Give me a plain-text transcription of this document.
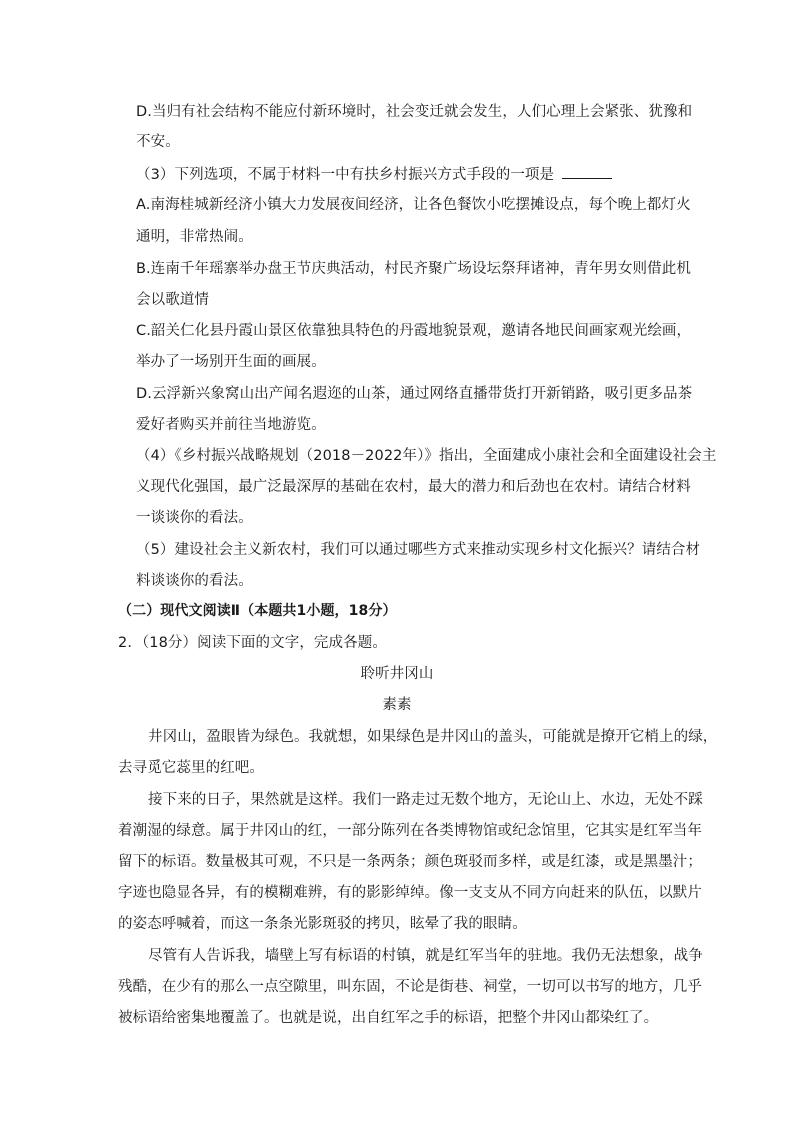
D.当归有社会结构不能应付新环境时，社会变迁就会发生，人们心理上会紧张、犹豫和
不安。
（3）下列选项，不属于材料一中有扶乡村振兴方式手段的一项是
A.南海桂城新经济小镇大力发展夜间经济，让各色餐饮小吃摆摊设点，每个晚上都灯火
通明，非常热闹。
B.连南千年瑶寨举办盘王节庆典活动，村民齐聚广场设坛祭拜诸神，青年男女则借此机
会以歌道情
C.韶关仁化县丹霞山景区依靠独具特色的丹霞地貌景观，邀请各地民间画家观光绘画，
举办了一场别开生面的画展。
D.云浮新兴象窝山出产闻名遐迩的山茶，通过网络直播带货打开新销路，吸引更多品茶
爱好者购买并前往当地游览。
（4）《乡村振兴战略规划（2018－2022年）》指出，全面建成小康社会和全面建设社会主
义现代化强国，最广泛最深厚的基础在农村，最大的潜力和后劲也在农村。请结合材料
一谈谈你的看法。
（5）建设社会主义新农村，我们可以通过哪些方式来推动实现乡村文化振兴？请结合材
料谈谈你的看法。
（二）现代文阅读Ⅱ（本题共1小题，18分）
2．（18分）阅读下面的文字，完成各题。
聆听井冈山
素素
井冈山，盈眼皆为绿色。我就想，如果绿色是井冈山的盖头，可能就是撩开它梢上的绿，
去寻觅它蕊里的红吧。
接下来的日子，果然就是这样。我们一路走过无数个地方，无论山上、水边，无处不踩
着潮湿的绿意。属于井冈山的红，一部分陈列在各类博物馆或纪念馆里，它其实是红军当年
留下的标语。数量极其可观，不只是一条两条；颜色斑驳而多样，或是红漆，或是黑墨汁；
字迹也隐显各异，有的模糊难辨，有的影影绰绰。像一支支从不同方向赶来的队伍，以默片
的姿态呼喊着，而这一条条光影斑驳的拷贝，眩晕了我的眼睛。
尽管有人告诉我，墙壁上写有标语的村镇，就是红军当年的驻地。我仍无法想象，战争
残酷，在少有的那么一点空隙里，叫东固，不论是街巷、祠堂，一切可以书写的地方，几乎
被标语给密集地覆盖了。也就是说，出自红军之手的标语，把整个井冈山都染红了。
